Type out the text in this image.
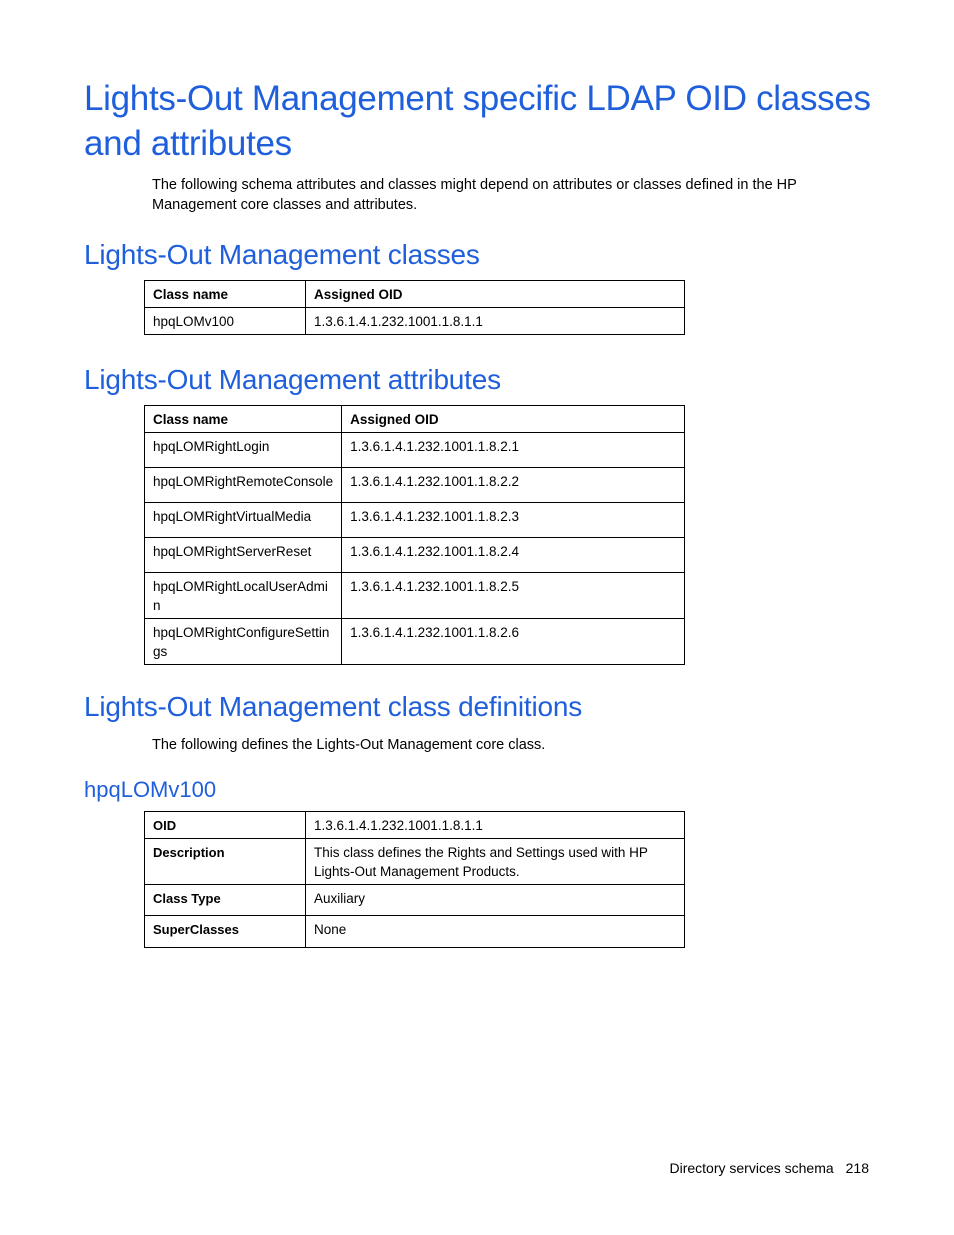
Lights-Out Management specific LDAP OID classes
and attributes

The following schema attributes and classes might depend on attributes or classes defined in the HP Management core classes and attributes.

Lights-Out Management classes
Class name	Assigned OID
hpqLOMv100	1.3.6.1.4.1.232.1001.1.8.1.1
Lights-Out Management attributes
Class name	Assigned OID
hpqLOMRightLogin	1.3.6.1.4.1.232.1001.1.8.2.1
hpqLOMRightRemoteConsole	1.3.6.1.4.1.232.1001.1.8.2.2
hpqLOMRightVirtualMedia	1.3.6.1.4.1.232.1001.1.8.2.3
hpqLOMRightServerReset	1.3.6.1.4.1.232.1001.1.8.2.4
hpqLOMRightLocalUserAdmi
n	1.3.6.1.4.1.232.1001.1.8.2.5
hpqLOMRightConfigureSettin
gs	1.3.6.1.4.1.232.1001.1.8.2.6
Lights-Out Management class definitions

The following defines the Lights-Out Management core class.

hpqLOMv100
OID	1.3.6.1.4.1.232.1001.1.8.1.1
Description	This class defines the Rights and Settings used with HP
Lights-Out Management Products.
Class Type	Auxiliary
SuperClasses	None
Directory services schema 218
